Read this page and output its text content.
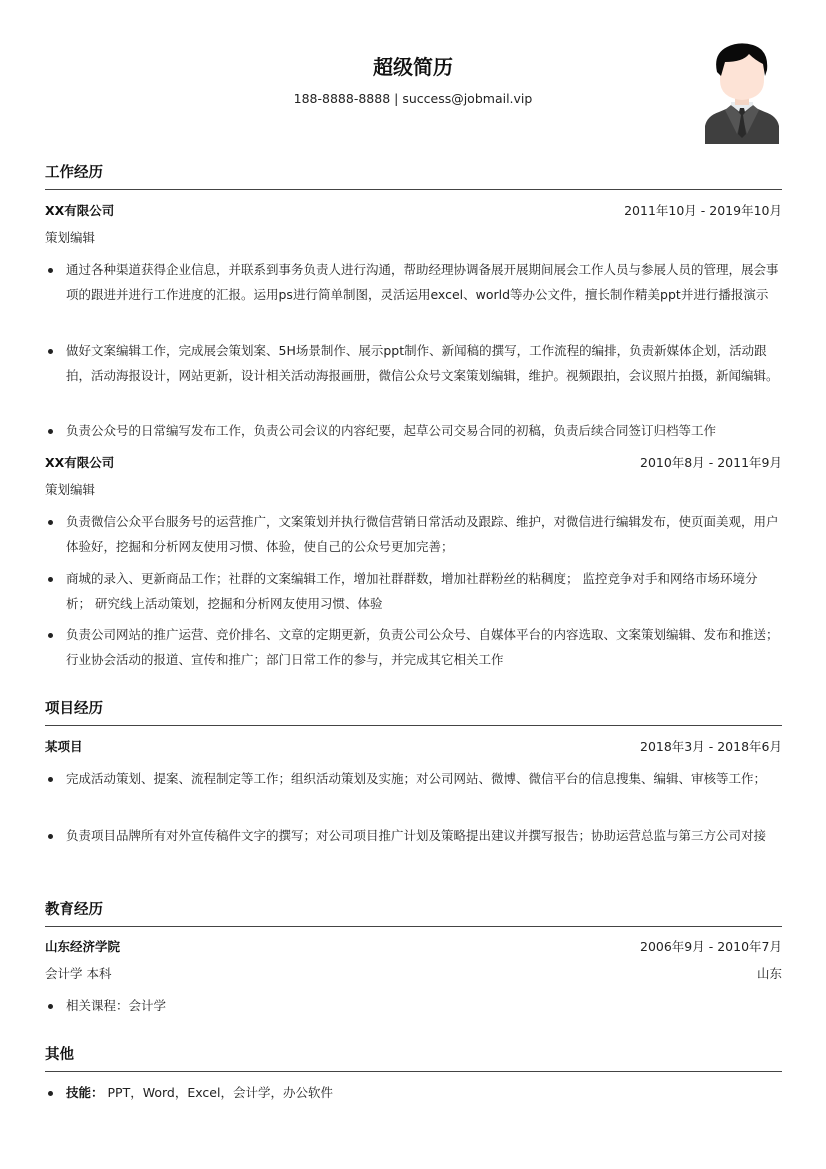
超级简历
188-8888-8888 | success@jobmail.vip
工作经历
XX有限公司	2011年10月 - 2019年10月
策划编辑
通过各种渠道获得企业信息，并联系到事务负责人进行沟通，帮助经理协调备展开展期间展会工作人员与参展人员的管理，展会事项的跟进并进行工作进度的汇报。运用ps进行简单制图，灵活运用excel、world等办公文件，擅长制作精美ppt并进行播报演示
做好文案编辑工作，完成展会策划案、5H场景制作、展示ppt制作、新闻稿的撰写，工作流程的编排，负责新媒体企划，活动跟拍，活动海报设计，网站更新，设计相关活动海报画册，微信公众号文案策划编辑，维护。视频跟拍，会议照片拍摄，新闻编辑。
负责公众号的日常编写发布工作，负责公司会议的内容纪要，起草公司交易合同的初稿，负责后续合同签订归档等工作
XX有限公司	2010年8月 - 2011年9月
策划编辑
负责微信公众平台服务号的运营推广，文案策划并执行微信营销日常活动及跟踪、维护，对微信进行编辑发布，使页面美观，用户体验好，挖掘和分析网友使用习惯、体验，使自己的公众号更加完善；
商城的录入、更新商品工作；社群的文案编辑工作，增加社群群数，增加社群粉丝的粘稠度； 监控竞争对手和网络市场环境分析； 研究线上活动策划，挖掘和分析网友使用习惯、体验
负责公司网站的推广运营、竞价排名、文章的定期更新，负责公司公众号、自媒体平台的内容选取、文案策划编辑、发布和推送；行业协会活动的报道、宣传和推广；部门日常工作的参与，并完成其它相关工作
项目经历
某项目	2018年3月 - 2018年6月
完成活动策划、提案、流程制定等工作；组织活动策划及实施；对公司网站、微博、微信平台的信息搜集、编辑、审核等工作；
负责项目品牌所有对外宣传稿件文字的撰写；对公司项目推广计划及策略提出建议并撰写报告；协助运营总监与第三方公司对接
教育经历
山东经济学院	2006年9月 - 2010年7月
会计学 本科	山东
相关课程：会计学
其他
技能： PPT，Word，Excel，会计学，办公软件
